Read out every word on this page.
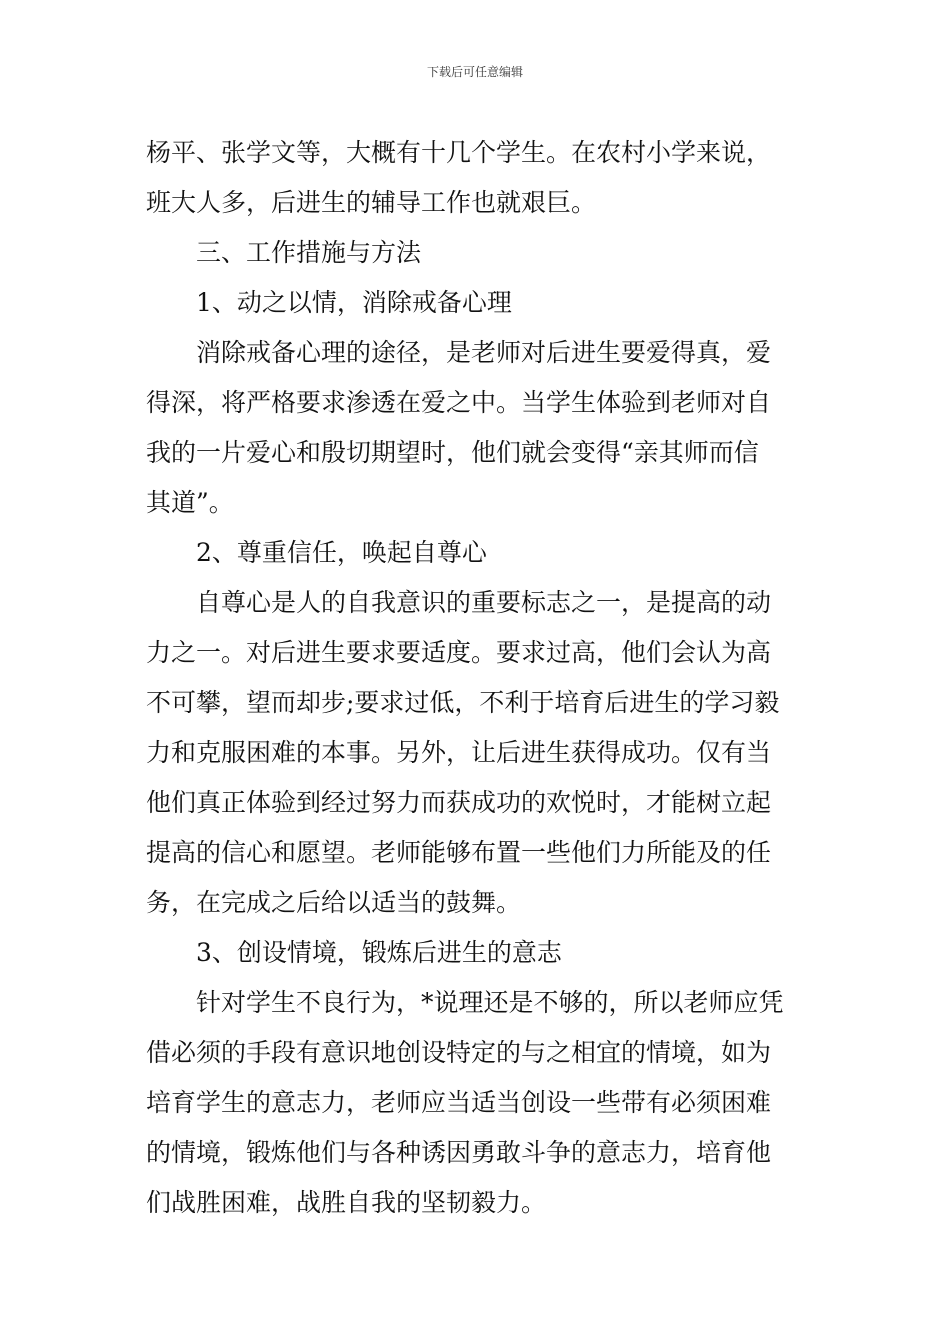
下载后可任意编辑
杨平、张学文等，大概有十几个学生。在农村小学来说，
班大人多，后进生的辅导工作也就艰巨。
三、工作措施与方法
1、动之以情，消除戒备心理
消除戒备心理的途径，是老师对后进生要爱得真，爱
得深，将严格要求渗透在爱之中。当学生体验到老师对自
我的一片爱心和殷切期望时，他们就会变得“亲其师而信
其道”。
2、尊重信任，唤起自尊心
自尊心是人的自我意识的重要标志之一，是提高的动
力之一。对后进生要求要适度。要求过高，他们会认为高
不可攀，望而却步;要求过低，不利于培育后进生的学习毅
力和克服困难的本事。另外，让后进生获得成功。仅有当
他们真正体验到经过努力而获成功的欢悦时，才能树立起
提高的信心和愿望。老师能够布置一些他们力所能及的任
务，在完成之后给以适当的鼓舞。
3、创设情境，锻炼后进生的意志
针对学生不良行为，*说理还是不够的，所以老师应凭
借必须的手段有意识地创设特定的与之相宜的情境，如为
培育学生的意志力，老师应当适当创设一些带有必须困难
的情境，锻炼他们与各种诱因勇敢斗争的意志力，培育他
们战胜困难，战胜自我的坚韧毅力。
